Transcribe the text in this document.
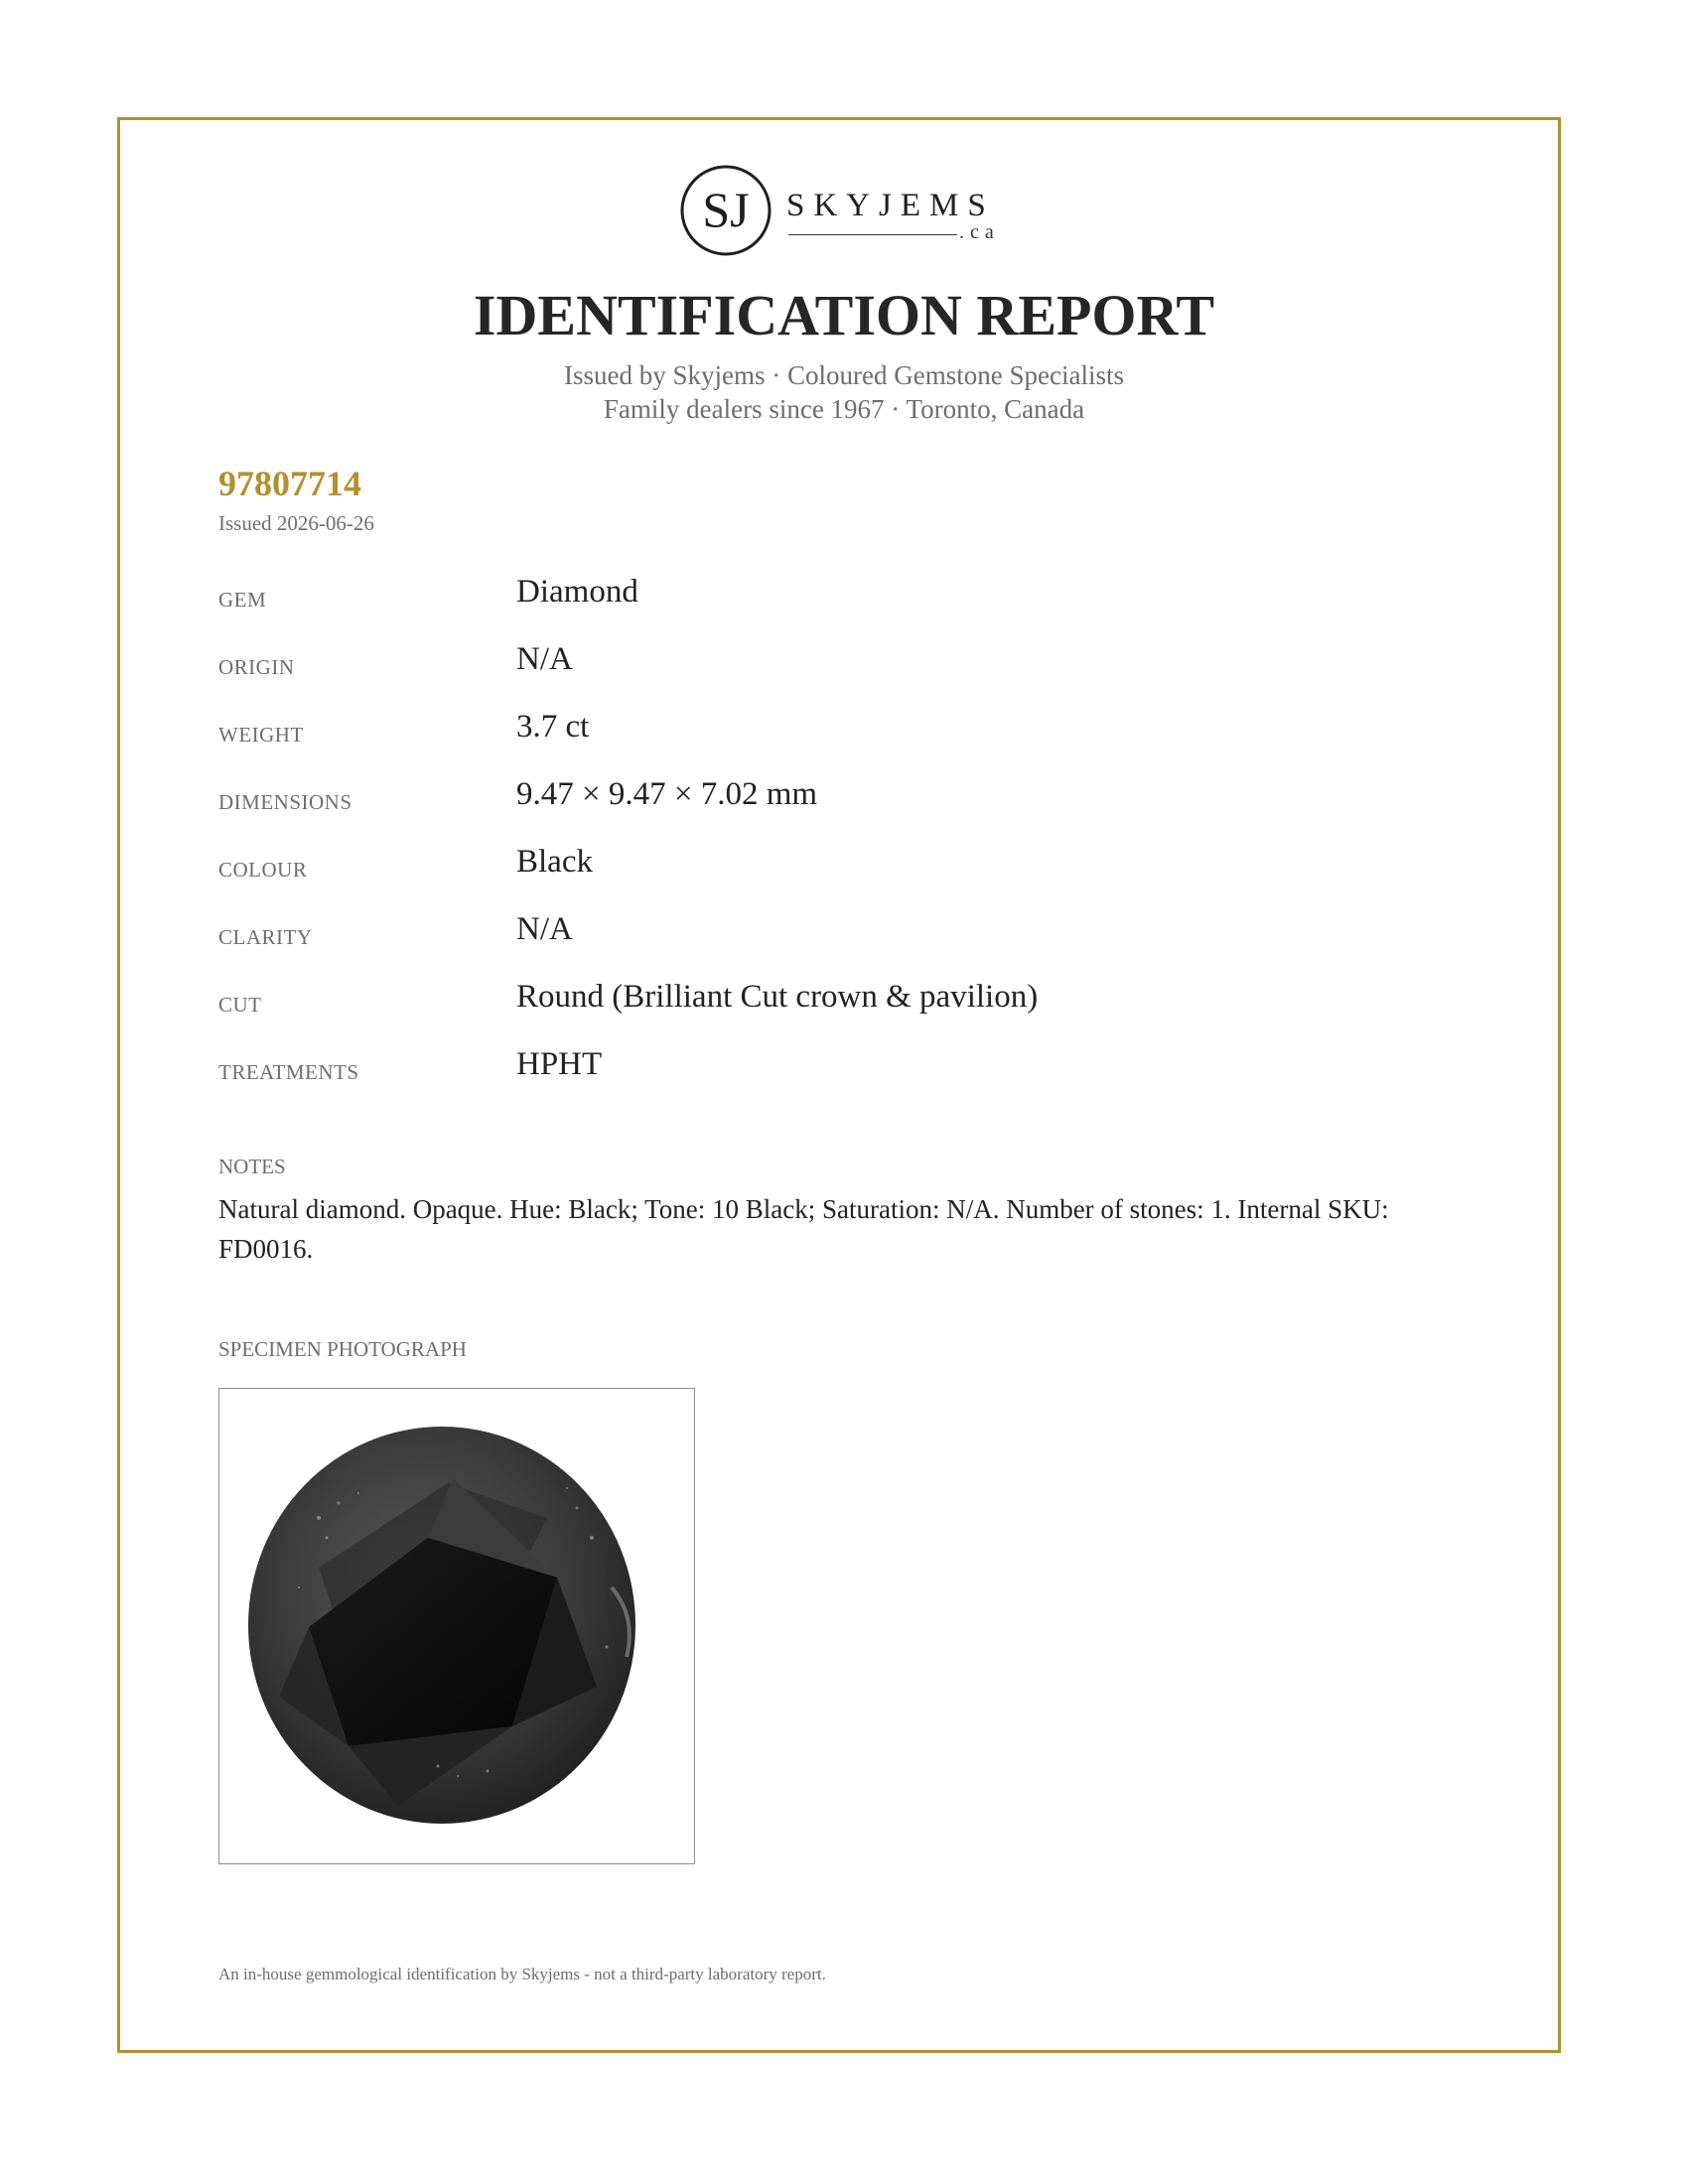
SJ SKYJEMS
.ca
IDENTIFICATION REPORT
Issued by Skyjems · Coloured Gemstone Specialists
Family dealers since 1967 · Toronto, Canada
97807714
Issued 2026-06-26
GEM	Diamond
ORIGIN	N/A
WEIGHT	3.7 ct
DIMENSIONS	9.47 × 9.47 × 7.02 mm
COLOUR	Black
CLARITY	N/A
CUT	Round (Brilliant Cut crown & pavilion)
TREATMENTS	HPHT
NOTES
Natural diamond. Opaque. Hue: Black; Tone: 10 Black; Saturation: N/A. Number of stones: 1. Internal SKU: FD0016.
SPECIMEN PHOTOGRAPH
An in-house gemmological identification by Skyjems - not a third-party laboratory report.
